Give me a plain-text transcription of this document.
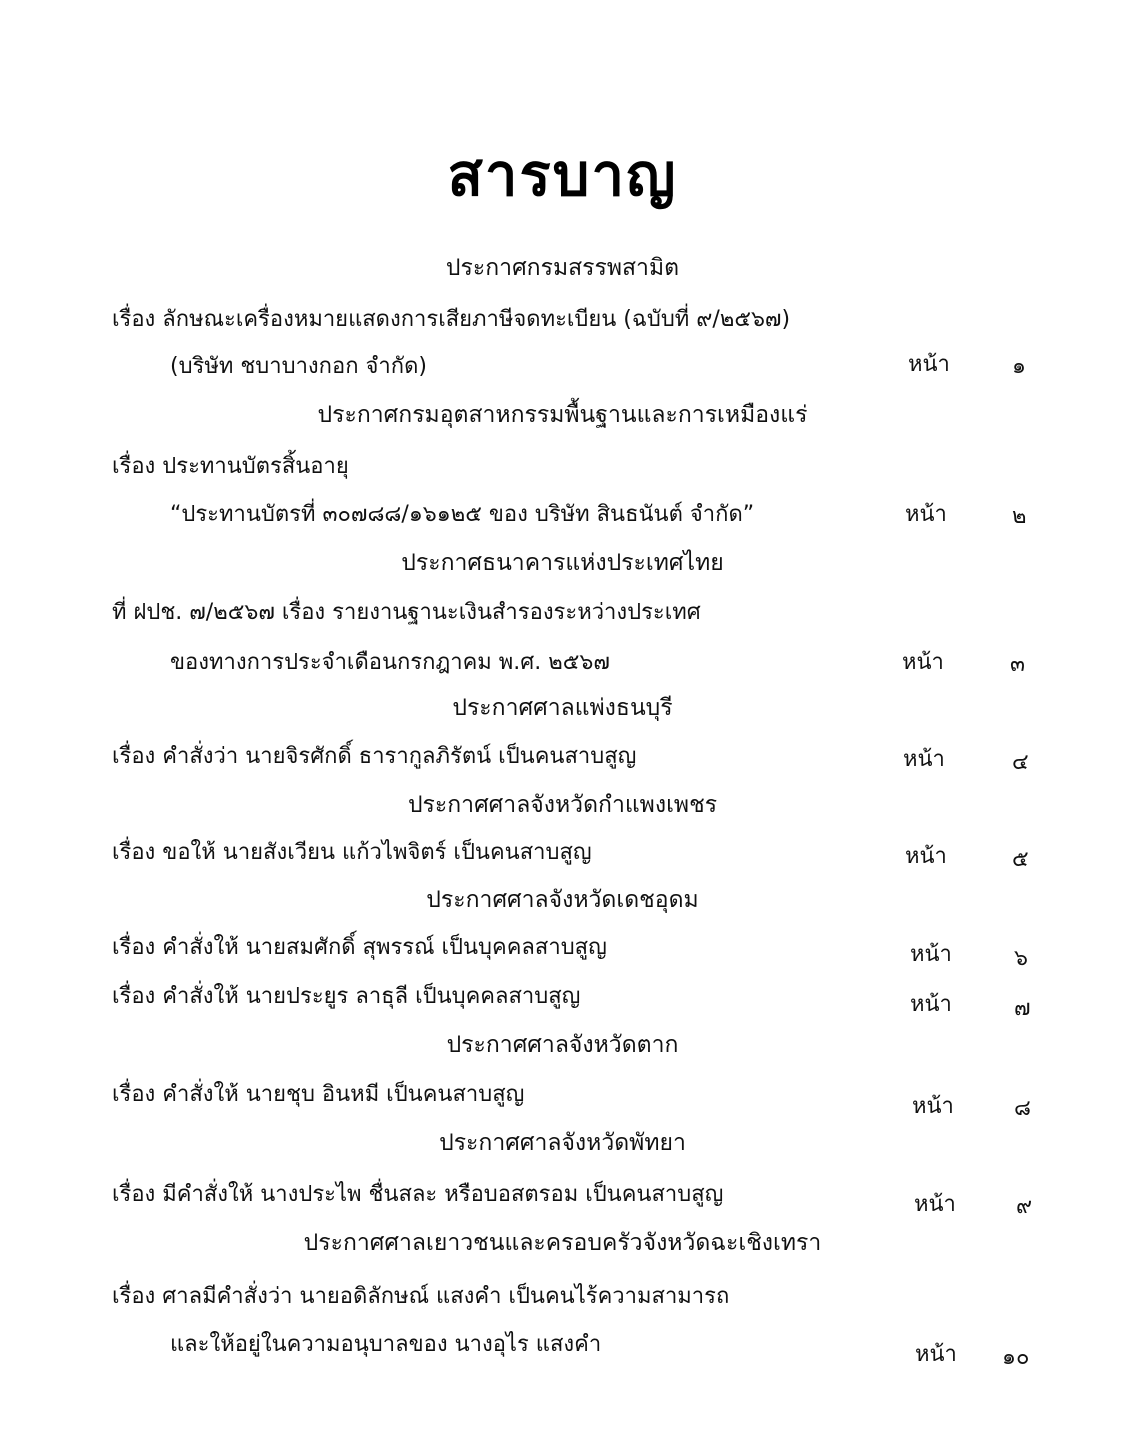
สารบาญ
ประกาศกรมสรรพสามิต
เรื่อง ลักษณะเครื่องหมายแสดงการเสียภาษีจดทะเบียน (ฉบับที่ ๙/๒๕๖๗)
(บริษัท ชบาบางกอก จำกัด)	หน้า	๑
ประกาศกรมอุตสาหกรรมพื้นฐานและการเหมืองแร่
เรื่อง ประทานบัตรสิ้นอายุ
“ประทานบัตรที่ ๓๐๗๘๘/๑๖๑๒๕ ของ บริษัท สินธนันต์ จำกัด”	หน้า	๒
ประกาศธนาคารแห่งประเทศไทย
ที่ ฝปช. ๗/๒๕๖๗ เรื่อง รายงานฐานะเงินสำรองระหว่างประเทศ
ของทางการประจำเดือนกรกฎาคม พ.ศ. ๒๕๖๗	หน้า	๓
ประกาศศาลแพ่งธนบุรี
เรื่อง คำสั่งว่า นายจิรศักดิ์ ธารากูลภิรัตน์ เป็นคนสาบสูญ	หน้า	๔
ประกาศศาลจังหวัดกำแพงเพชร
เรื่อง ขอให้ นายสังเวียน แก้วไพจิตร์ เป็นคนสาบสูญ	หน้า	๕
ประกาศศาลจังหวัดเดชอุดม
เรื่อง คำสั่งให้ นายสมศักดิ์ สุพรรณ์ เป็นบุคคลสาบสูญ	หน้า	๖
เรื่อง คำสั่งให้ นายประยูร ลาธุลี เป็นบุคคลสาบสูญ	หน้า	๗
ประกาศศาลจังหวัดตาก
เรื่อง คำสั่งให้ นายชุบ อินหมี เป็นคนสาบสูญ	หน้า	๘
ประกาศศาลจังหวัดพัทยา
เรื่อง มีคำสั่งให้ นางประไพ ชื่นสละ หรือบอสตรอม เป็นคนสาบสูญ	หน้า	๙
ประกาศศาลเยาวชนและครอบครัวจังหวัดฉะเชิงเทรา
เรื่อง ศาลมีคำสั่งว่า นายอดิลักษณ์ แสงคำ เป็นคนไร้ความสามารถ
และให้อยู่ในความอนุบาลของ นางอุไร แสงคำ	หน้า ๑๐
